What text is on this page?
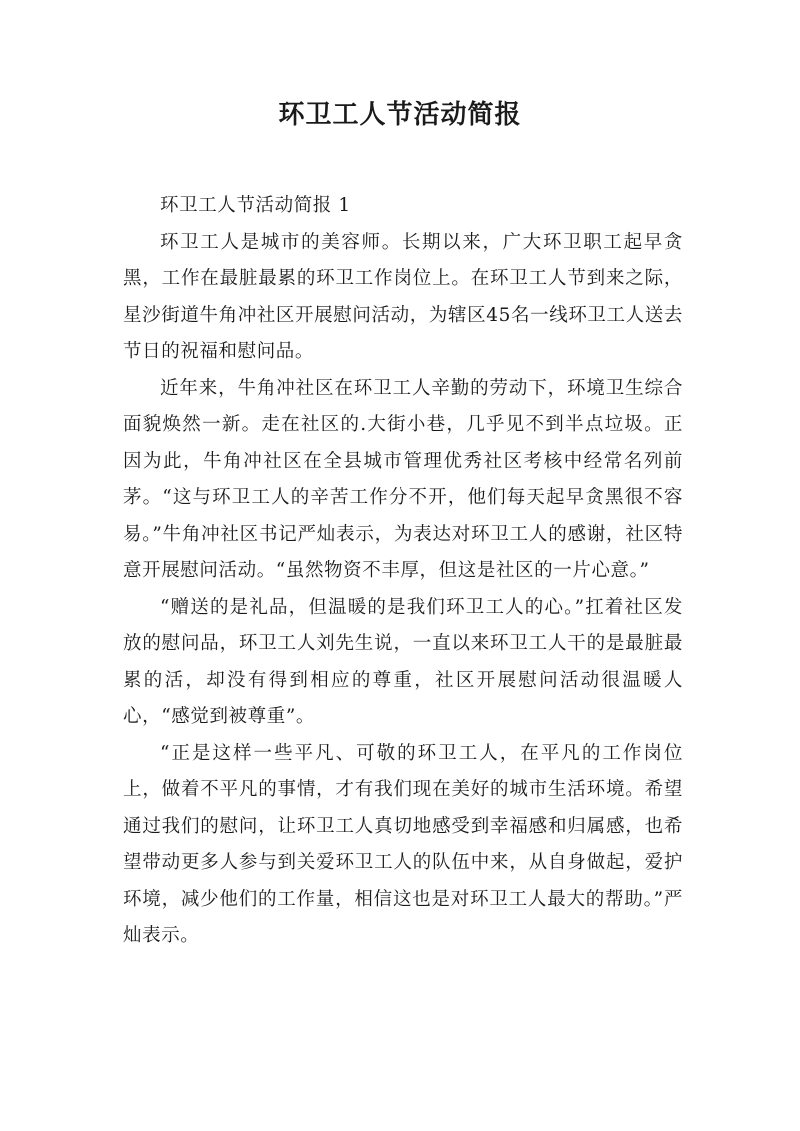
环卫工人节活动简报

环卫工人节活动简报 1

环卫工人是城市的美容师。长期以来，广大环卫职工起早贪黑，工作在最脏最累的环卫工作岗位上。在环卫工人节到来之际，星沙街道牛角冲社区开展慰问活动，为辖区45名一线环卫工人送去节日的祝福和慰问品。

近年来，牛角冲社区在环卫工人辛勤的劳动下，环境卫生综合面貌焕然一新。走在社区的.大街小巷，几乎见不到半点垃圾。正因为此，牛角冲社区在全县城市管理优秀社区考核中经常名列前茅。“这与环卫工人的辛苦工作分不开，他们每天起早贪黑很不容易。”牛角冲社区书记严灿表示，为表达对环卫工人的感谢，社区特意开展慰问活动。“虽然物资不丰厚，但这是社区的一片心意。”

“赠送的是礼品，但温暖的是我们环卫工人的心。”扛着社区发放的慰问品，环卫工人刘先生说，一直以来环卫工人干的是最脏最累的活，却没有得到相应的尊重，社区开展慰问活动很温暖人心，“感觉到被尊重”。

“正是这样一些平凡、可敬的环卫工人，在平凡的工作岗位上，做着不平凡的事情，才有我们现在美好的城市生活环境。希望通过我们的慰问，让环卫工人真切地感受到幸福感和归属感，也希望带动更多人参与到关爱环卫工人的队伍中来，从自身做起，爱护环境，减少他们的工作量，相信这也是对环卫工人最大的帮助。”严灿表示。
